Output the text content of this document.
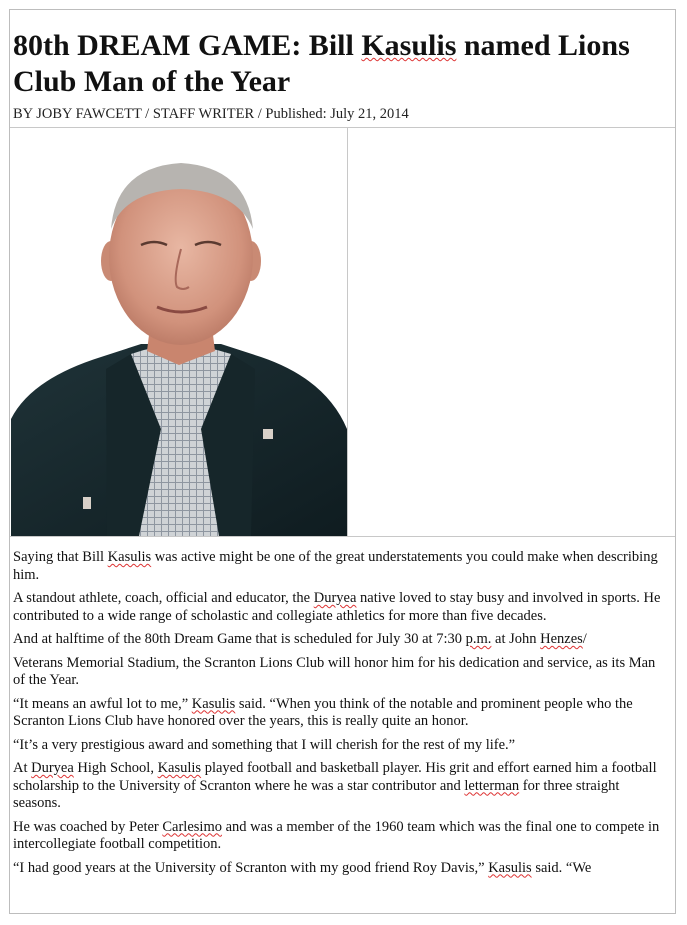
80th DREAM GAME: Bill Kasulis named Lions Club Man of the Year
BY JOBY FAWCETT / STAFF WRITER / Published: July 21, 2014

Saying that Bill Kasulis was active might be one of the great understatements you could make when describing him.

A standout athlete, coach, official and educator, the Duryea native loved to stay busy and involved in sports. He contributed to a wide range of scholastic and collegiate athletics for more than five decades.

And at halftime of the 80th Dream Game that is scheduled for July 30 at 7:30 p.m. at John Henzes/

Veterans Memorial Stadium, the Scranton Lions Club will honor him for his dedication and service, as its Man of the Year.

“It means an awful lot to me,” Kasulis said. “When you think of the notable and prominent people who the Scranton Lions Club have honored over the years, this is really quite an honor.

“It’s a very prestigious award and something that I will cherish for the rest of my life.”

At Duryea High School, Kasulis played football and basketball player. His grit and effort earned him a football scholarship to the University of Scranton where he was a star contributor and letterman for three straight seasons.

He was coached by Peter Carlesimo and was a member of the 1960 team which was the final one to compete in intercollegiate football competition.

“I had good years at the University of Scranton with my good friend Roy Davis,” Kasulis said. “We
